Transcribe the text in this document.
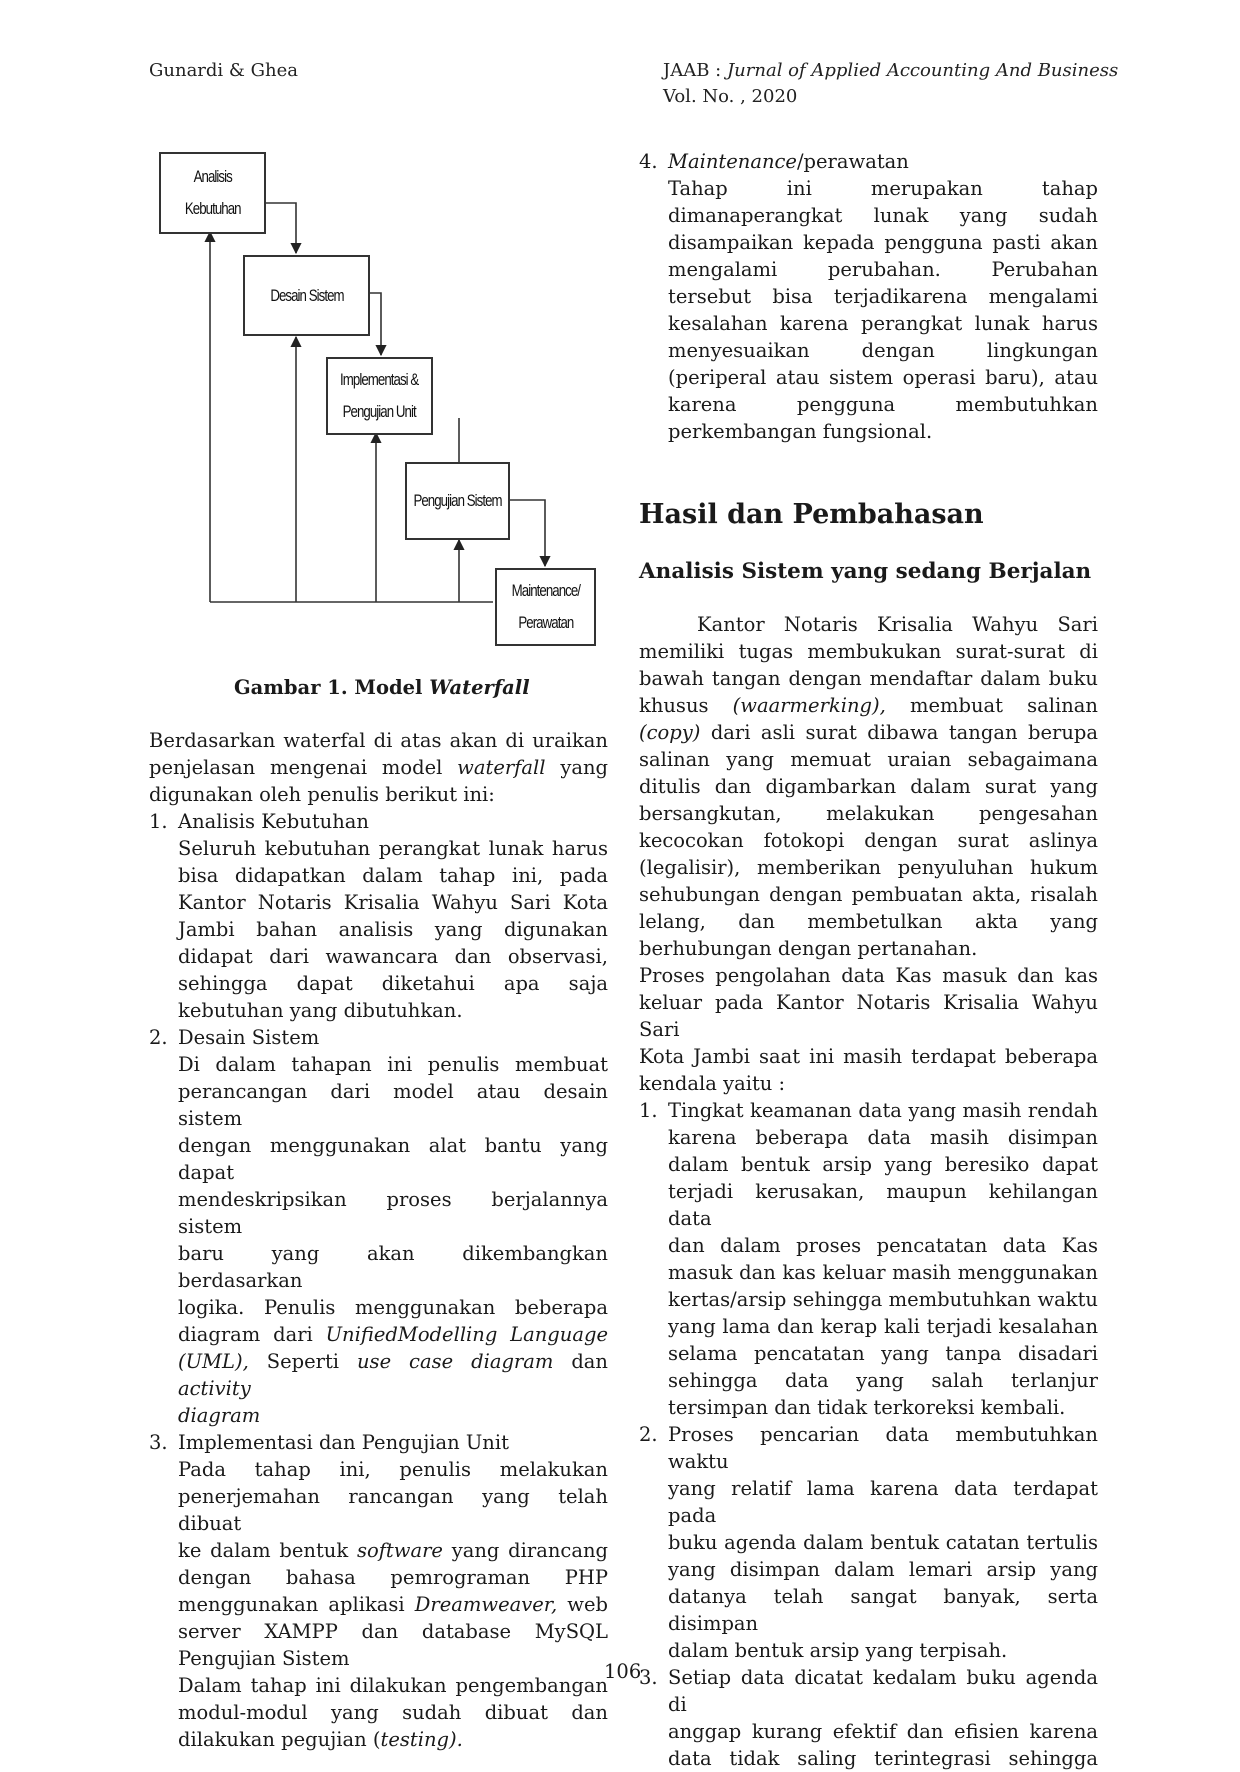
Gunardi & Ghea	JAAB : Jurnal of Applied Accounting And Business
Vol. No. , 2020
Analisis
Kebutuhan
Desain Sistem
Implementasi &
Pengujian Unit
Pengujian Sistem
Maintenance/
Perawatan
Gambar 1. Model Waterfall

Berdasarkan waterfal di atas akan di uraikan

penjelasan mengenai model waterfall yang

digunakan oleh penulis berikut ini:

1. Analisis Kebutuhan

Seluruh kebutuhan perangkat lunak harus

bisa didapatkan dalam tahap ini, pada

Kantor Notaris Krisalia Wahyu Sari Kota

Jambi bahan analisis yang digunakan

didapat dari wawancara dan observasi,

sehingga dapat diketahui apa saja

kebutuhan yang dibutuhkan.

2. Desain Sistem

Di dalam tahapan ini penulis membuat

perancangan dari model atau desain sistem

dengan menggunakan alat bantu yang dapat

mendeskripsikan proses berjalannya sistem

baru yang akan dikembangkan berdasarkan

logika. Penulis menggunakan beberapa

diagram dari UnifiedModelling Language

(UML), Seperti use case diagram dan activity

diagram

3. Implementasi dan Pengujian Unit

Pada tahap ini, penulis melakukan

penerjemahan rancangan yang telah dibuat

ke dalam bentuk software yang dirancang

dengan bahasa pemrograman PHP

menggunakan aplikasi Dreamweaver, web

server XAMPP dan database MySQL

Pengujian Sistem

Dalam tahap ini dilakukan pengembangan

modul-modul yang sudah dibuat dan

dilakukan pegujian (testing).

4. Maintenance/perawatan

Tahap ini merupakan tahap

dimanaperangkat lunak yang sudah

disampaikan kepada pengguna pasti akan

mengalami perubahan. Perubahan

tersebut bisa terjadikarena mengalami

kesalahan karena perangkat lunak harus

menyesuaikan dengan lingkungan

(periperal atau sistem operasi baru), atau

karena pengguna membutuhkan

perkembangan fungsional.

Hasil dan Pembahasan
Analisis Sistem yang sedang Berjalan

Kantor Notaris Krisalia Wahyu Sari

memiliki tugas membukukan surat-surat di

bawah tangan dengan mendaftar dalam buku

khusus (waarmerking), membuat salinan

(copy) dari asli surat dibawa tangan berupa

salinan yang memuat uraian sebagaimana

ditulis dan digambarkan dalam surat yang

bersangkutan, melakukan pengesahan

kecocokan fotokopi dengan surat aslinya

(legalisir), memberikan penyuluhan hukum

sehubungan dengan pembuatan akta, risalah

lelang, dan membetulkan akta yang

berhubungan dengan pertanahan.

Proses pengolahan data Kas masuk dan kas

keluar pada Kantor Notaris Krisalia Wahyu Sari

Kota Jambi saat ini masih terdapat beberapa

kendala yaitu :

1. Tingkat keamanan data yang masih rendah

karena beberapa data masih disimpan

dalam bentuk arsip yang beresiko dapat

terjadi kerusakan, maupun kehilangan data

dan dalam proses pencatatan data Kas

masuk dan kas keluar masih menggunakan

kertas/arsip sehingga membutuhkan waktu

yang lama dan kerap kali terjadi kesalahan

selama pencatatan yang tanpa disadari

sehingga data yang salah terlanjur

tersimpan dan tidak terkoreksi kembali.

2. Proses pencarian data membutuhkan waktu

yang relatif lama karena data terdapat pada

buku agenda dalam bentuk catatan tertulis

yang disimpan dalam lemari arsip yang

datanya telah sangat banyak, serta disimpan

dalam bentuk arsip yang terpisah.

3. Setiap data dicatat kedalam buku agenda di

anggap kurang efektif dan efisien karena

data tidak saling terintegrasi sehingga

106
